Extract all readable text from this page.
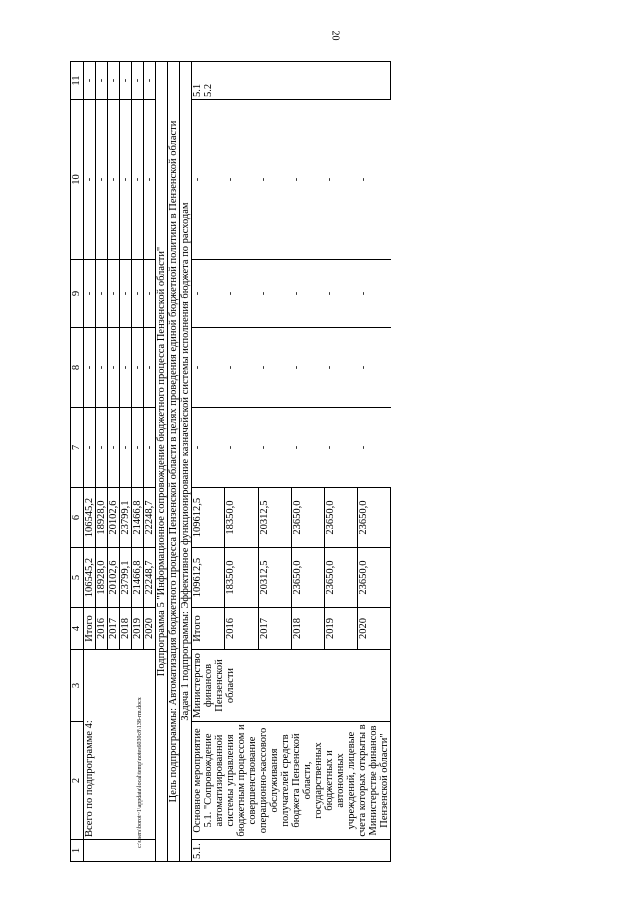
20
c:\users\borot~1\appdata\local\temp\notes6030c8\138-rm.docx
1	2	3	4	5	6	7	8	9	10	11
	Всего по подпрограмме 4:		Итого	106545,2	106545,2	-	-	-	-	-
			2016	18928,0	18928,0	-	-	-	-	-
			2017	20102,6	20102,6	-	-	-	-	-
			2018	23799,1	23799,1	-	-	-	-	-
			2019	21466,8	21466,8	-	-	-	-	-
			2020	22248,7	22248,7	-	-	-	-	-
Подпрограмма 5 "Информационное сопровождение бюджетного процесса Пензенской области"										
Цель подпрограммы: Автоматизация бюджетного процесса Пензенской области в целях проведения единой бюджетной политики в Пензенской области										
Задача 1 подпрограммы: Эффективное функционирование казначейской системы исполнения бюджета по расходам										
5.1.	Основное мероприятие 5.1. "Сопровождение автоматизированной системы управления бюджетным процессом и совершенствование операционно-кассового обслуживания получателей средств бюджета Пензенской области, государственных бюджетных и автономных учреждений, лицевые счета которых открыты в Министерстве финансов Пензенской области"	Министерство финансов Пензенской области	Итого	109612,5	109612,5	-	-	-	-	5.1
5.2
			2016	18350,0	18350,0	-	-	-	-	
			2017	20312,5	20312,5	-	-	-	-	
			2018	23650,0	23650,0	-	-	-	-	
			2019	23650,0	23650,0	-	-	-	-	
			2020	23650,0	23650,0	-	-	-	-	
